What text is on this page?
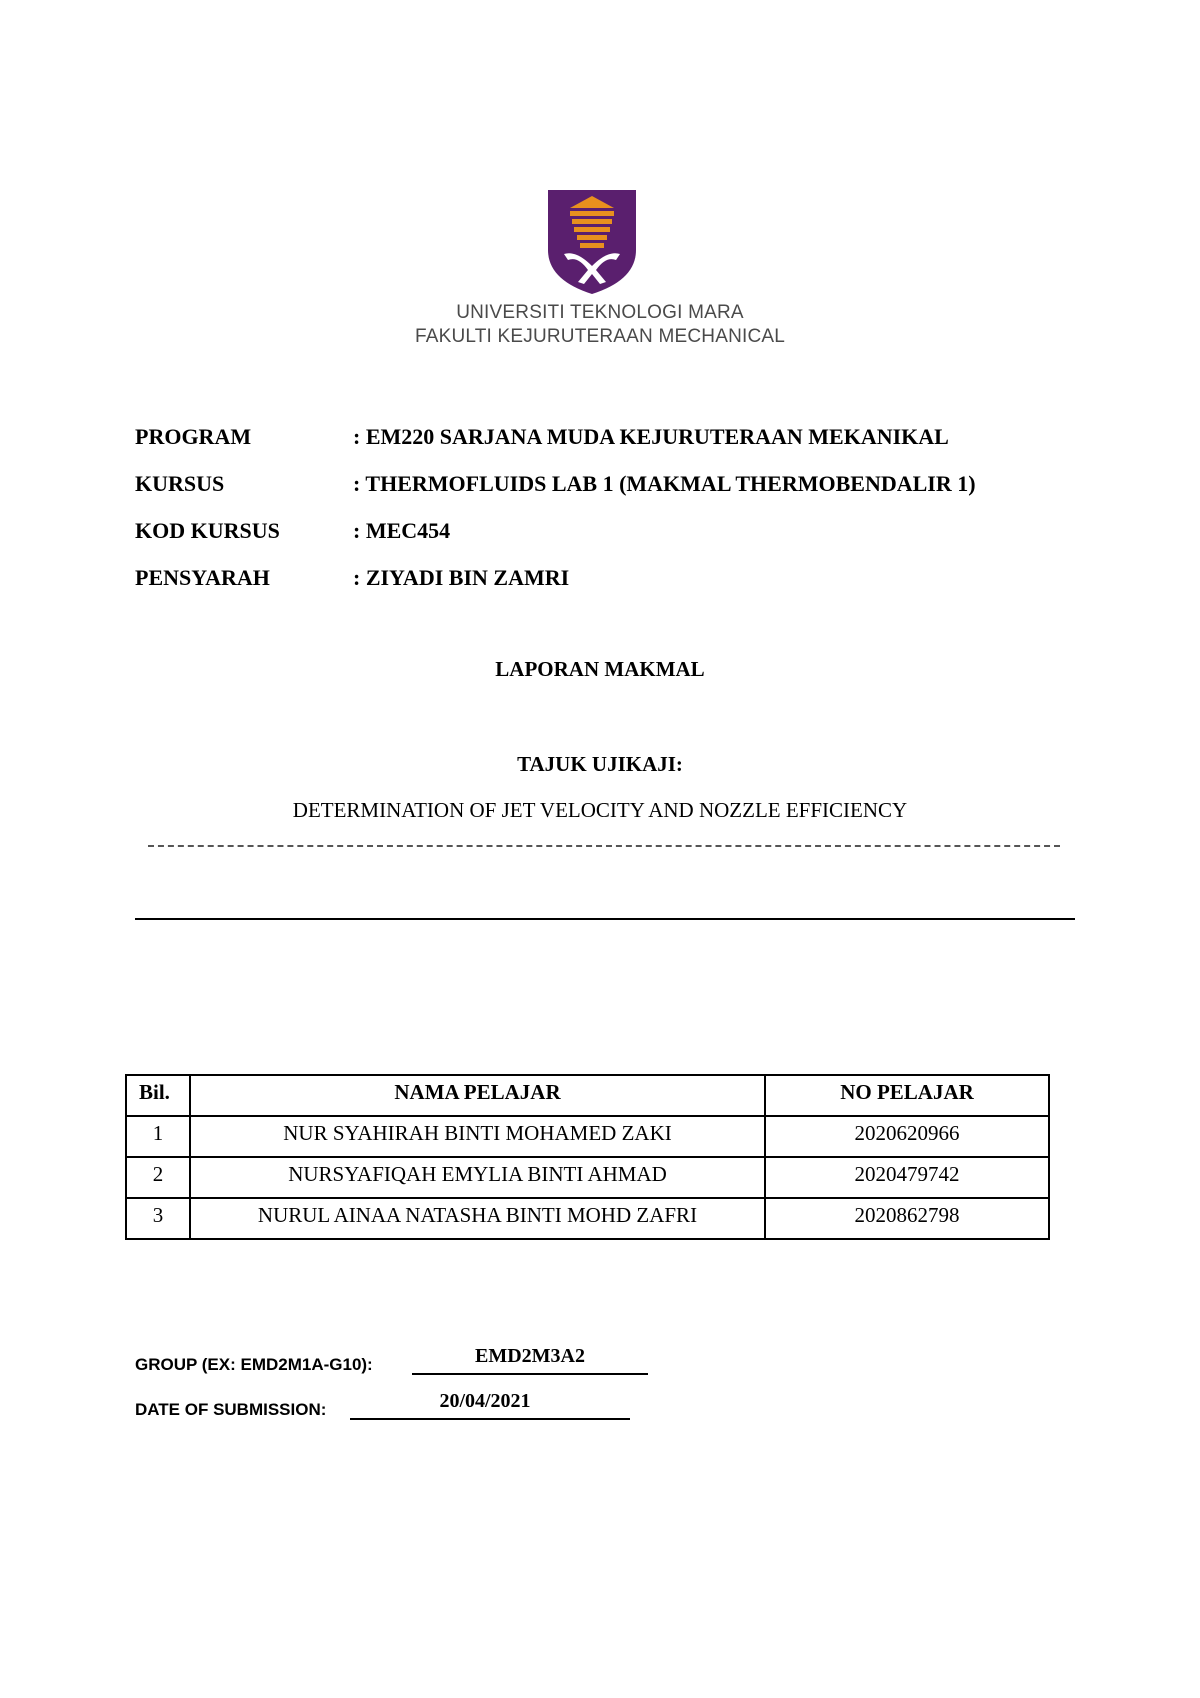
UNIVERSITI TEKNOLOGI MARA
FAKULTI KEJURUTERAAN MECHANICAL
PROGRAM	: EM220 SARJANA MUDA KEJURUTERAAN MEKANIKAL
KURSUS	: THERMOFLUIDS LAB 1 (MAKMAL THERMOBENDALIR 1)
KOD KURSUS	: MEC454
PENSYARAH	: ZIYADI BIN ZAMRI
LAPORAN MAKMAL
TAJUK UJIKAJI:
DETERMINATION OF JET VELOCITY AND NOZZLE EFFICIENCY
Bil.	NAMA PELAJAR	NO PELAJAR
1	NUR SYAHIRAH BINTI MOHAMED ZAKI	2020620966
2	NURSYAFIQAH EMYLIA BINTI AHMAD	2020479742
3	NURUL AINAA NATASHA BINTI MOHD ZAFRI	2020862798
GROUP (EX: EMD2M1A-G10):	EMD2M3A2
DATE OF SUBMISSION:	20/04/2021
